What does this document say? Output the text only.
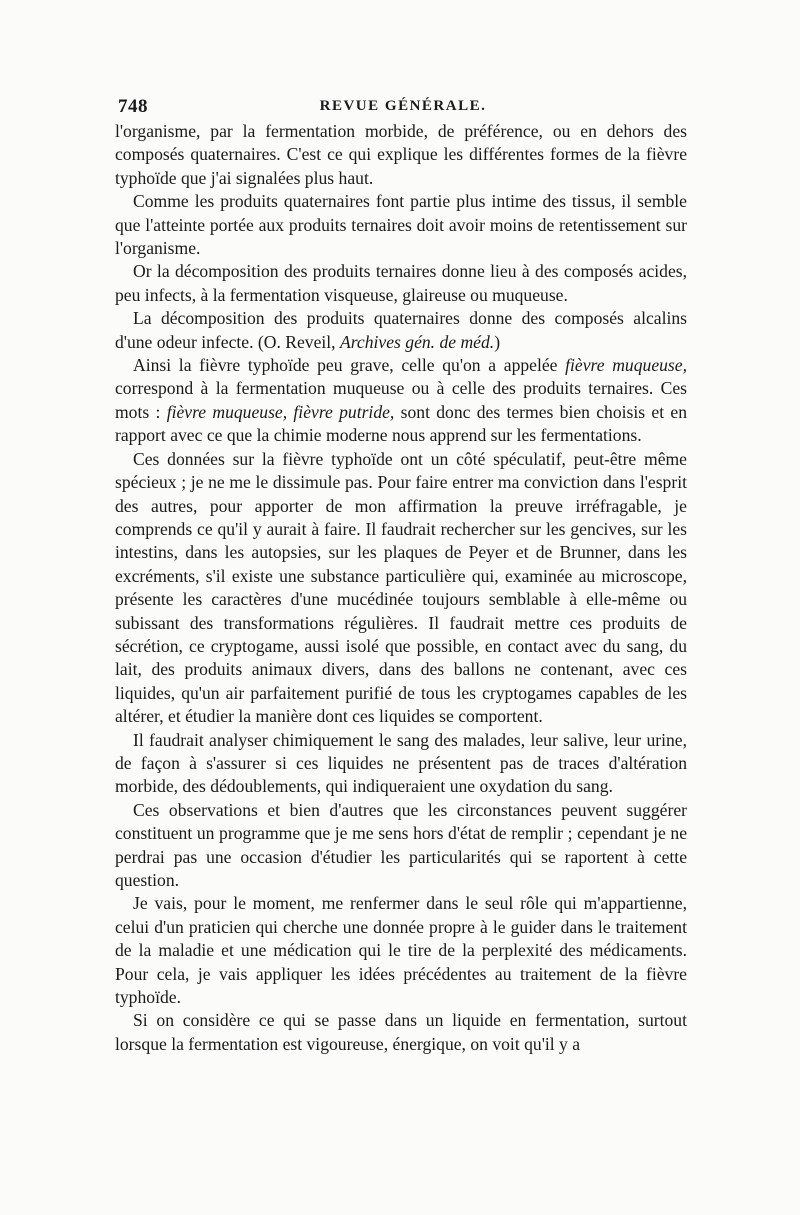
748	REVUE GÉNÉRALE.

l'organisme, par la fermentation morbide, de préférence, ou en dehors des composés quaternaires. C'est ce qui explique les différentes formes de la fièvre typhoïde que j'ai signalées plus haut.

Comme les produits quaternaires font partie plus intime des tissus, il semble que l'atteinte portée aux produits ternaires doit avoir moins de retentissement sur l'organisme.

Or la décomposition des produits ternaires donne lieu à des composés acides, peu infects, à la fermentation visqueuse, glaireuse ou muqueuse.

La décomposition des produits quaternaires donne des composés alcalins d'une odeur infecte. (O. Reveil, Archives gén. de méd.)

Ainsi la fièvre typhoïde peu grave, celle qu'on a appelée fièvre muqueuse, correspond à la fermentation muqueuse ou à celle des produits ternaires. Ces mots : fièvre muqueuse, fièvre putride, sont donc des termes bien choisis et en rapport avec ce que la chimie moderne nous apprend sur les fermentations.

Ces données sur la fièvre typhoïde ont un côté spéculatif, peut-être même spécieux ; je ne me le dissimule pas. Pour faire entrer ma conviction dans l'esprit des autres, pour apporter de mon affirmation la preuve irréfragable, je comprends ce qu'il y aurait à faire. Il faudrait rechercher sur les gencives, sur les intestins, dans les autopsies, sur les plaques de Peyer et de Brunner, dans les excréments, s'il existe une substance particulière qui, examinée au microscope, présente les caractères d'une mucédinée toujours semblable à elle-même ou subissant des transformations régulières. Il faudrait mettre ces produits de sécrétion, ce cryptogame, aussi isolé que possible, en contact avec du sang, du lait, des produits animaux divers, dans des ballons ne contenant, avec ces liquides, qu'un air parfaitement purifié de tous les cryptogames capables de les altérer, et étudier la manière dont ces liquides se comportent.

Il faudrait analyser chimiquement le sang des malades, leur salive, leur urine, de façon à s'assurer si ces liquides ne présentent pas de traces d'altération morbide, des dédoublements, qui indiqueraient une oxydation du sang.

Ces observations et bien d'autres que les circonstances peuvent suggérer constituent un programme que je me sens hors d'état de remplir ; cependant je ne perdrai pas une occasion d'étudier les particularités qui se raportent à cette question.

Je vais, pour le moment, me renfermer dans le seul rôle qui m'appartienne, celui d'un praticien qui cherche une donnée propre à le guider dans le traitement de la maladie et une médication qui le tire de la perplexité des médicaments. Pour cela, je vais appliquer les idées précédentes au traitement de la fièvre typhoïde.

Si on considère ce qui se passe dans un liquide en fermentation, surtout lorsque la fermentation est vigoureuse, énergique, on voit qu'il y a
